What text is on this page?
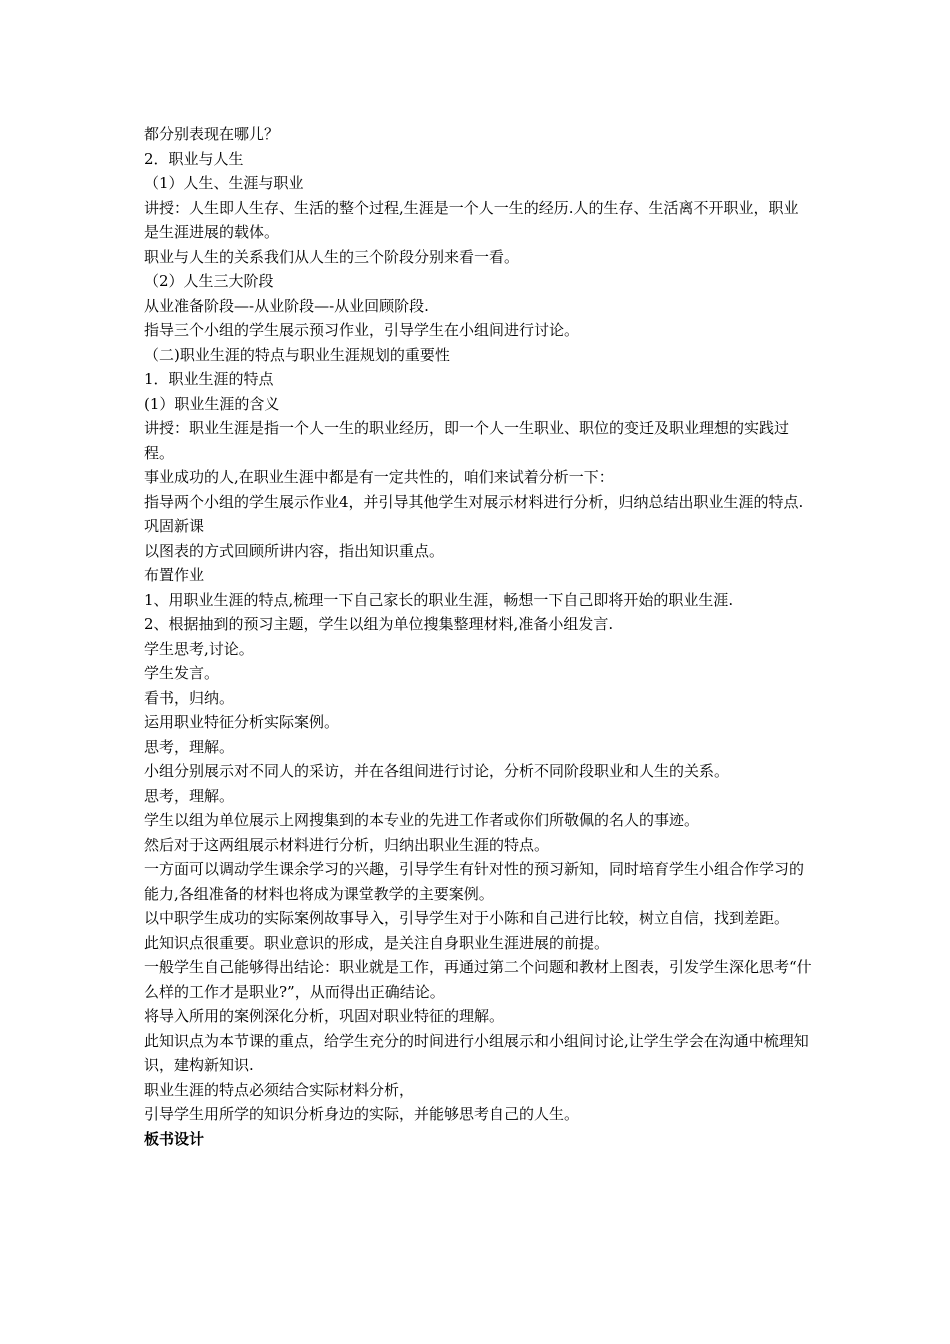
都分别表现在哪儿？

2．职业与人生

（1）人生、生涯与职业

讲授：人生即人生存、生活的整个过程,生涯是一个人一生的经历.人的生存、生活离不开职业，职业是生涯进展的载体。

职业与人生的关系我们从人生的三个阶段分别来看一看。

（2）人生三大阶段

从业准备阶段—-从业阶段—-从业回顾阶段.

指导三个小组的学生展示预习作业，引导学生在小组间进行讨论。

（二)职业生涯的特点与职业生涯规划的重要性

1．职业生涯的特点

(1）职业生涯的含义

讲授：职业生涯是指一个人一生的职业经历，即一个人一生职业、职位的变迁及职业理想的实践过程。

事业成功的人,在职业生涯中都是有一定共性的，咱们来试着分析一下：

指导两个小组的学生展示作业4，并引导其他学生对展示材料进行分析，归纳总结出职业生涯的特点.

巩固新课

以图表的方式回顾所讲内容，指出知识重点。

布置作业

1、用职业生涯的特点,梳理一下自己家长的职业生涯，畅想一下自己即将开始的职业生涯.

2、根据抽到的预习主题，学生以组为单位搜集整理材料,准备小组发言.

学生思考,讨论。

学生发言。

看书，归纳。

运用职业特征分析实际案例。

思考，理解。

小组分别展示对不同人的采访，并在各组间进行讨论，分析不同阶段职业和人生的关系。

思考，理解。

学生以组为单位展示上网搜集到的本专业的先进工作者或你们所敬佩的名人的事迹。

然后对于这两组展示材料进行分析，归纳出职业生涯的特点。

一方面可以调动学生课余学习的兴趣，引导学生有针对性的预习新知，同时培育学生小组合作学习的能力,各组准备的材料也将成为课堂教学的主要案例。

以中职学生成功的实际案例故事导入，引导学生对于小陈和自己进行比较，树立自信，找到差距。

此知识点很重要。职业意识的形成，是关注自身职业生涯进展的前提。

一般学生自己能够得出结论：职业就是工作，再通过第二个问题和教材上图表，引发学生深化思考“什么样的工作才是职业?”，从而得出正确结论。

将导入所用的案例深化分析，巩固对职业特征的理解。

此知识点为本节课的重点，给学生充分的时间进行小组展示和小组间讨论,让学生学会在沟通中梳理知识，建构新知识.

职业生涯的特点必须结合实际材料分析，

引导学生用所学的知识分析身边的实际，并能够思考自己的人生。

板书设计
